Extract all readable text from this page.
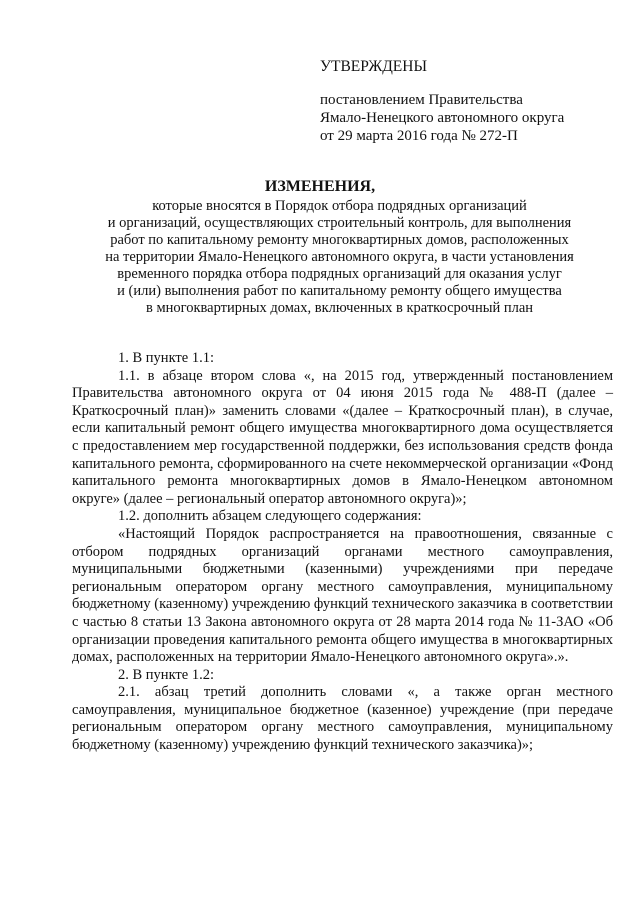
УТВЕРЖДЕНЫ
постановлением Правительства
Ямало-Ненецкого автономного округа
от 29 марта 2016 года № 272-П
ИЗМЕНЕНИЯ,
которые вносятся в Порядок отбора подрядных организаций
и организаций, осуществляющих строительный контроль, для выполнения
работ по капитальному ремонту многоквартирных домов, расположенных
на территории Ямало-Ненецкого автономного округа, в части установления
временного порядка отбора подрядных организаций для оказания услуг
и (или) выполнения работ по капитальному ремонту общего имущества
в многоквартирных домах, включенных в краткосрочный план

1. В пункте 1.1:

1.1. в абзаце втором слова «, на 2015 год, утвержденный постановлением Правительства автономного округа от 04 июня 2015 года № 488-П (далее – Краткосрочный план)» заменить словами «(далее – Краткосрочный план), в случае, если капитальный ремонт общего имущества многоквартирного дома осуществляется с предоставлением мер государственной поддержки, без использования средств фонда капитального ремонта, сформированного на счете некоммерческой организации «Фонд капитального ремонта многоквартирных домов в Ямало-Ненецком автономном округе» (далее – региональный оператор автономного округа)»;

1.2. дополнить абзацем следующего содержания:

«Настоящий Порядок распространяется на правоотношения, связанные с отбором подрядных организаций органами местного самоуправления, муниципальными бюджетными (казенными) учреждениями при передаче региональным оператором органу местного самоуправления, муниципальному бюджетному (казенному) учреждению функций технического заказчика в соответствии с частью 8 статьи 13 Закона автономного округа от 28 марта 2014 года № 11-ЗАО «Об организации проведения капитального ремонта общего имущества в многоквартирных домах, расположенных на территории Ямало-Ненецкого автономного округа».».

2. В пункте 1.2:

2.1. абзац третий дополнить словами «, а также орган местного самоуправления, муниципальное бюджетное (казенное) учреждение (при передаче региональным оператором органу местного самоуправления, муниципальному бюджетному (казенному) учреждению функций технического заказчика)»;
